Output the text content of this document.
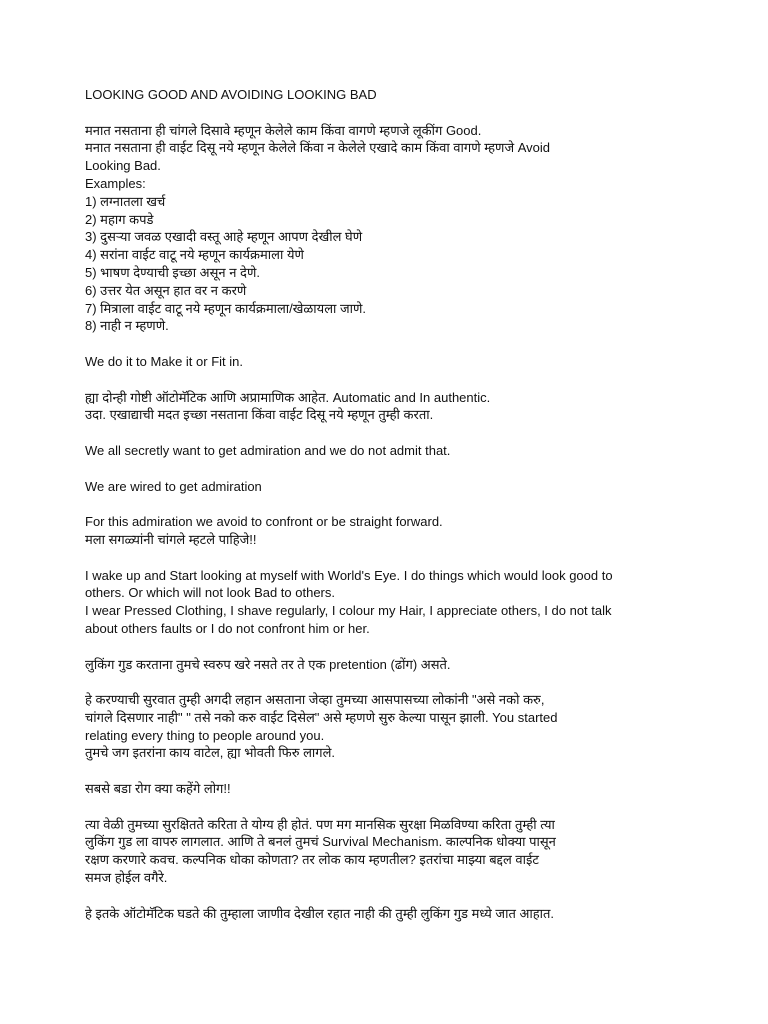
LOOKING GOOD AND AVOIDING LOOKING BAD
मनात नसताना ही चांगले दिसावे म्हणून केलेले काम किंवा वागणे म्हणजे लूकींग Good.
मनात नसताना ही वाईट दिसू नये म्हणून केलेले किंवा न केलेले एखादे काम किंवा वागणे म्हणजे Avoid
Looking Bad.
Examples:
1) लग्नातला खर्च
2) महाग कपडे
3) दुसऱ्या जवळ एखादी वस्तू आहे म्हणून आपण देखील घेणे
4) सरांना वाईट वाटू नये म्हणून कार्यक्रमाला येणे
5) भाषण देण्याची इच्छा असून न देणे.
6) उत्तर येत असून हात वर न करणे
7) मित्राला वाईट वाटू नये म्हणून कार्यक्रमाला/खेळायला जाणे.
8) नाही न म्हणणे.
We do it to Make it or Fit in.
ह्या दोन्ही गोष्टी ऑटोमॅटिक आणि अप्रामाणिक आहेत. Automatic and In authentic.
उदा. एखाद्याची मदत इच्छा नसताना किंवा वाईट दिसू नये म्हणून तुम्ही करता.
We all secretly want to get admiration and we do not admit that.
We are wired to get admiration
For this admiration we avoid to confront or be straight forward.
मला सगळ्यांनी चांगले म्हटले पाहिजे!!
I wake up and Start looking at myself with World's Eye. I do things which would look good to
others. Or which will not look Bad to others.
I wear Pressed Clothing, I shave regularly, I colour my Hair, I appreciate others, I do not talk
about others faults or I do not confront him or her.
लुकिंग गुड करताना तुमचे स्वरुप खरे नसते तर ते एक pretention (ढोंग) असते.
हे करण्याची सुरवात तुम्ही अगदी लहान असताना जेव्हा तुमच्या आसपासच्या लोकांनी "असे नको करु,
चांगले दिसणार नाही" " तसे नको करु वाईट दिसेल" असे म्हणणे सुरु केल्या पासून झाली. You started
relating every thing to people around you.
तुमचे जग इतरांना काय वाटेल, ह्या भोवती फिरु लागले.
सबसे बडा रोग क्या कहेंगे लोग!!
त्या वेळी तुमच्या सुरक्षिततेे करिता ते योग्य ही होतं. पण मग मानसिक सुरक्षा मिळविण्या करिता तुम्ही त्या
लुकिंग गुड ला वापरु लागलात. आणि ते बनलं तुमचं Survival Mechanism. काल्पनिक धोक्या पासून
रक्षण करणारे कवच. कल्पनिक धोका कोणता? तर लोक काय म्हणतील? इतरांचा माझ्या बद्दल वाईट
समज होईल वगैरे.
हे इतके ऑटोमॅटिक घडते की तुम्हाला जाणीव देखील रहात नाही की तुम्ही लुकिंग गुड मध्ये जात आहात.
